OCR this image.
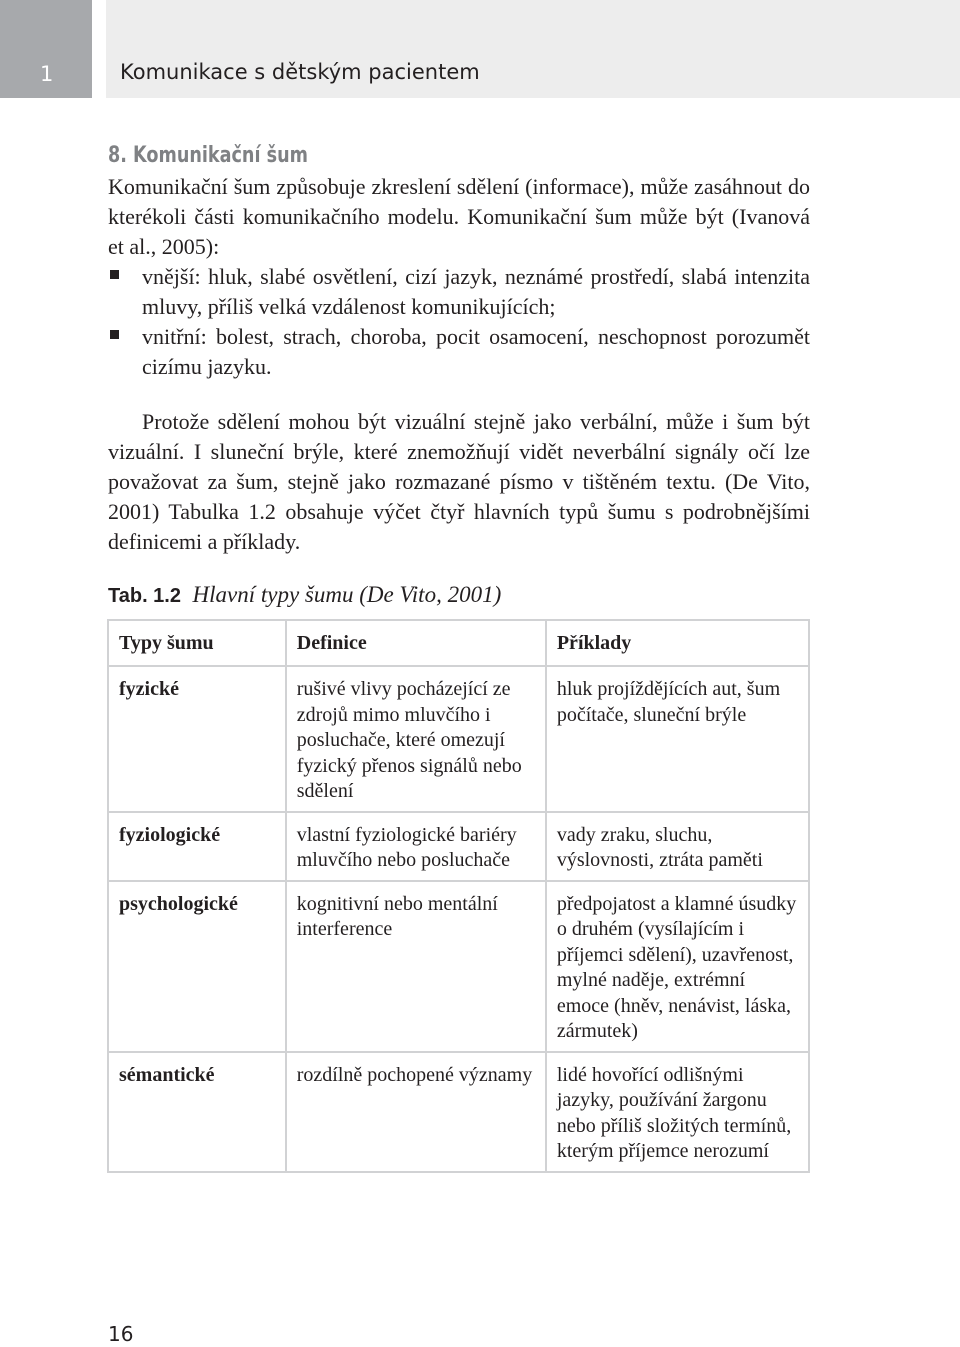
1	Komunikace s dětským pacientem
8. Komunikační šum

Komunikační šum způsobuje zkreslení sdělení (informace), může zasáhnout do kterékoli části komunikačního modelu. Komunikační šum může být (Ivanová et al., 2005):

vnější: hluk, slabé osvětlení, cizí jazyk, neznámé prostředí, slabá intenzita mluvy, příliš velká vzdálenost komunikujících;
vnitřní: bolest, strach, choroba, pocit osamocení, neschopnost porozumět cizímu jazyku.

Protože sdělení mohou být vizuální stejně jako verbální, může i šum být vizuální. I sluneční brýle, které znemožňují vidět neverbální signály očí lze považovat za šum, stejně jako rozmazané písmo v tištěném textu. (De Vito, 2001) Tabulka 1.2 obsahuje výčet čtyř hlavních typů šumu s podrobnějšími definicemi a příklady.

Tab. 1.2 Hlavní typy šumu (De Vito, 2001)
Typy šumu	Definice	Příklady
fyzické	rušivé vlivy pocházející ze zdrojů mimo mluvčího i posluchače, které omezují fyzický přenos signálů nebo sdělení	hluk projíždějících aut, šum počítače, sluneční brýle
fyziologické	vlastní fyziologické bariéry mluvčího nebo posluchače	vady zraku, sluchu, výslovnosti, ztráta paměti
psychologické	kognitivní nebo mentální interference	předpojatost a klamné úsudky o druhém (vysílajícím i příjemci sdělení), uzavřenost, mylné naděje, extrémní emoce (hněv, nenávist, láska, zármutek)
sémantické	rozdílně pochopené významy	lidé hovořící odlišnými jazyky, používání žargonu nebo příliš složitých termínů, kterým příjemce nerozumí
16
